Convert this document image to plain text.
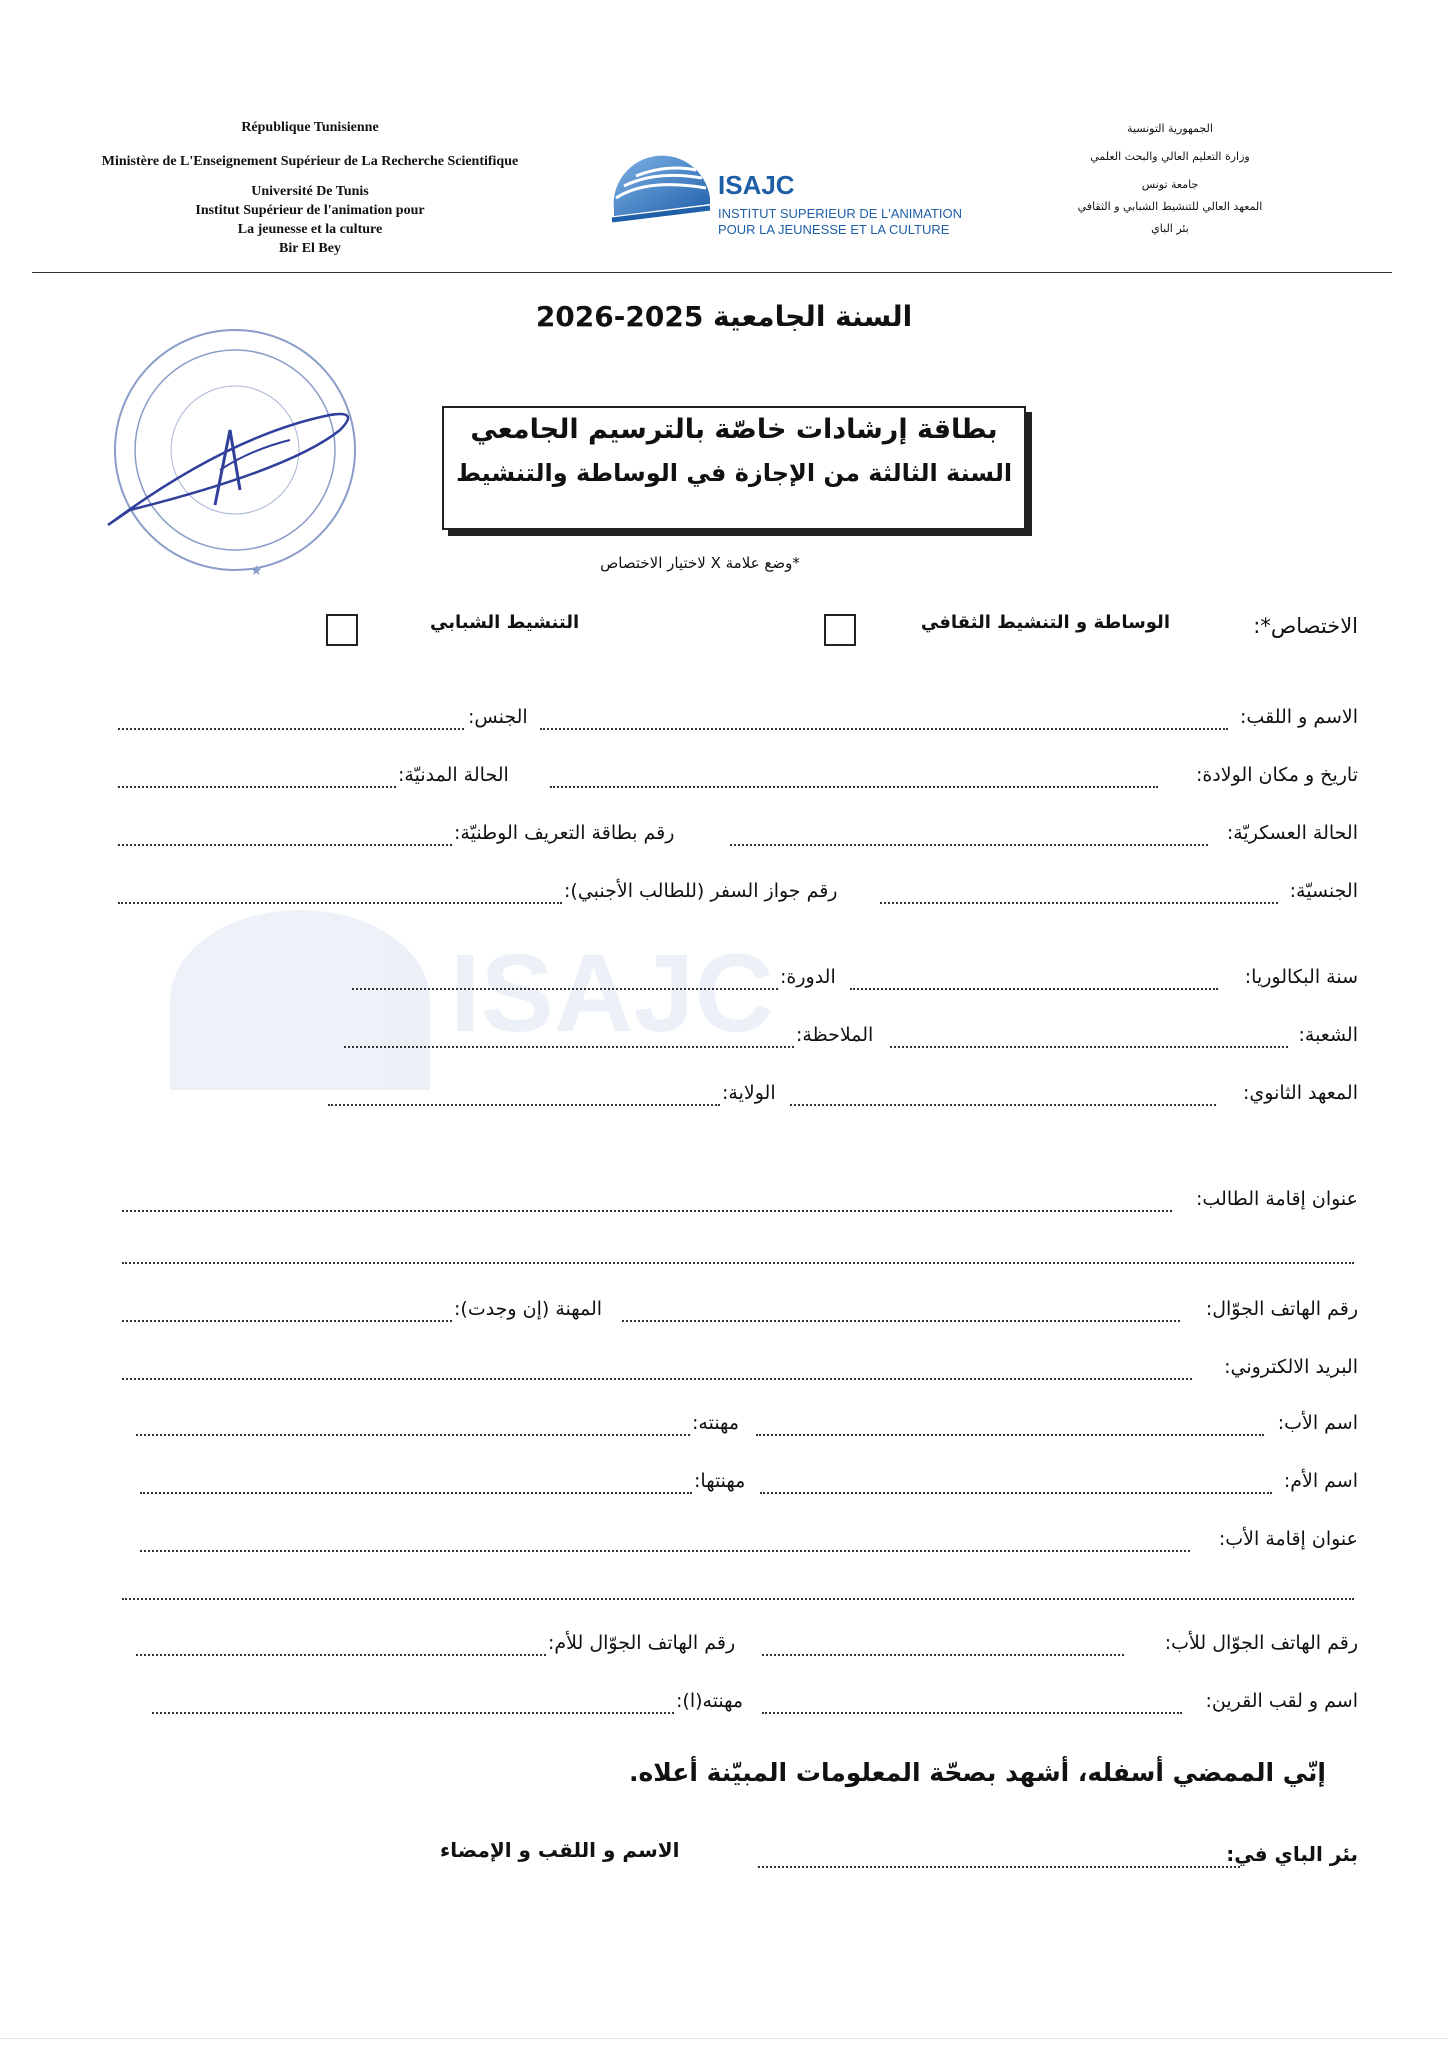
République Tunisienne
Ministère de L'Enseignement Supérieur de La Recherche Scientifique
Université De Tunis
Institut Supérieur de l'animation pour
La jeunesse et la culture
Bir El Bey
ISAJC
INSTITUT SUPERIEUR DE L'ANIMATION
POUR LA JEUNESSE ET LA CULTURE
الجمهورية التونسية
وزارة التعليم العالي والبحث العلمي
جامعة تونس
المعهد العالي للتنشيط الشبابي و الثقافي
بئر الباي
السنة الجامعية 2025-2026
★
بطاقة إرشادات خاصّة بالترسيم الجامعي
السنة الثالثة من الإجازة في الوساطة والتنشيط
*وضع علامة X لاختيار الاختصاص
الاختصاص*:
الوساطة و التنشيط الثقافي
التنشيط الشبابي
الاسم و اللقب:
الجنس:
تاريخ و مكان الولادة:
الحالة المدنيّة:
الحالة العسكريّة:
رقم بطاقة التعريف الوطنيّة:
الجنسيّة:
رقم جواز السفر (للطالب الأجنبي):
ISAJC	سنة البكالوريا:
الدورة:
الشعبة:
الملاحظة:
المعهد الثانوي:
الولاية:
عنوان إقامة الطالب:
رقم الهاتف الجوّال:
المهنة (إن وجدت):
البريد الالكتروني:
اسم الأب:
مهنته:
اسم الأم:
مهنتها:
عنوان إقامة الأب:
رقم الهاتف الجوّال للأب:
رقم الهاتف الجوّال للأم:
اسم و لقب القرين:
مهنته(ا):
إنّي الممضي أسفله، أشهد بصحّة المعلومات المبيّنة أعلاه.
بئر الباي في:
الاسم و اللقب و الإمضاء
